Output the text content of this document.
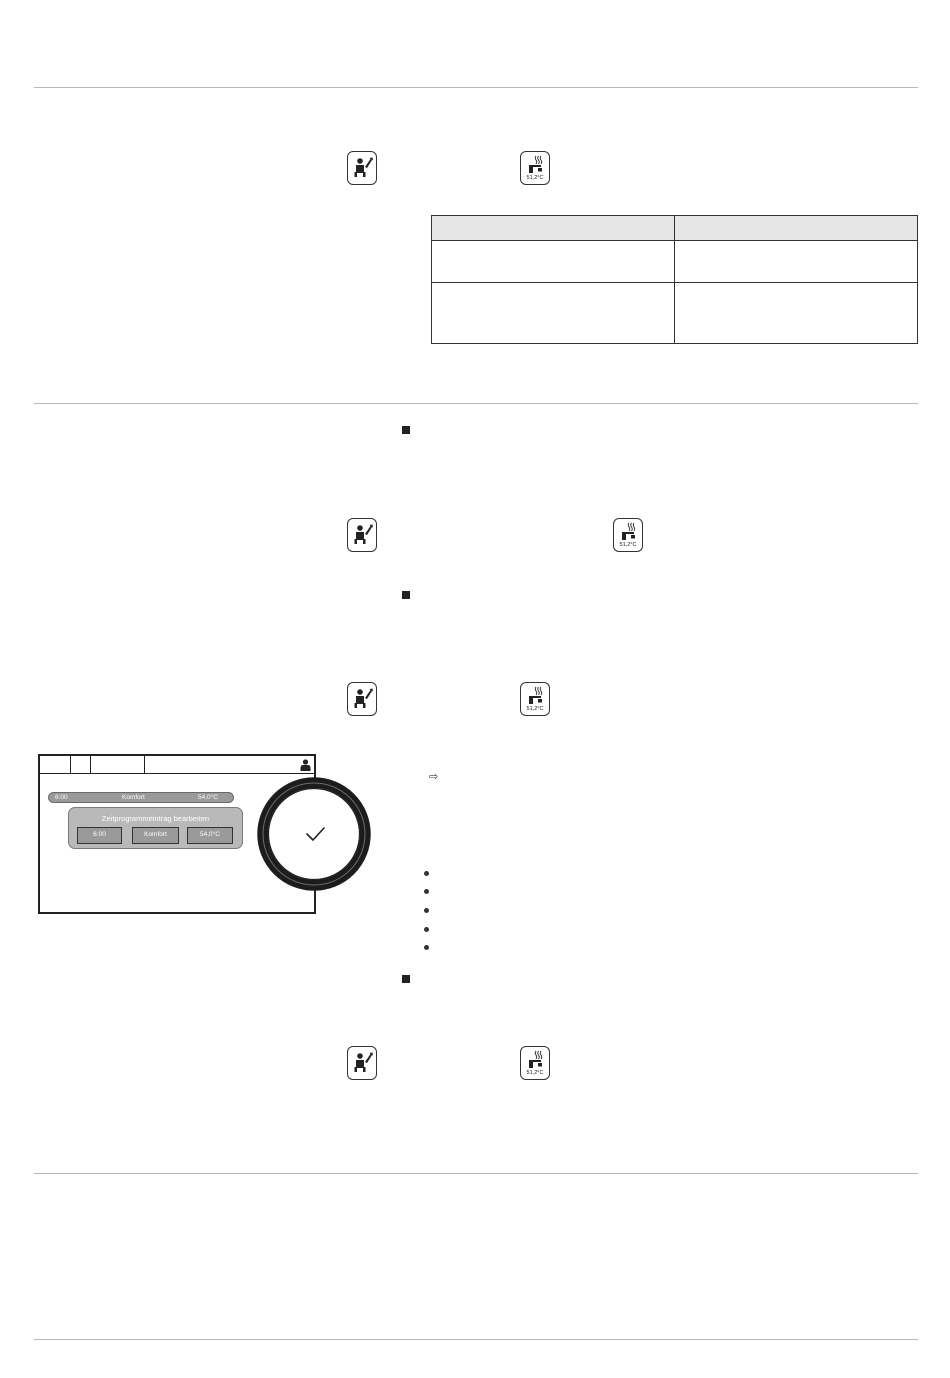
51,2°C
51,2°C
51,2°C
51,2°C
⇨
6:00	Komfort	54,0°C
Zeitprogrammeintrag bearbeiten
6:00	Komfort	54,0°C
